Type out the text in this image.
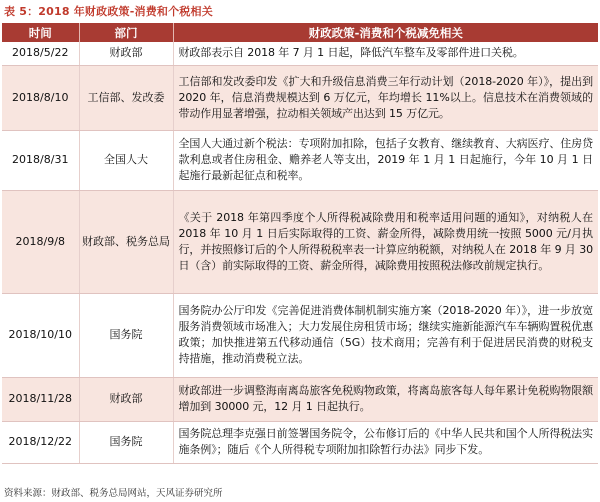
表 5：2018 年财政政策-消费和个税相关
时间	部门	财政政策-消费和个税减免相关
2018/5/22	财政部	财政部表示自 2018 年 7 月 1 日起，降低汽车整车及零部件进口关税。
2018/8/10	工信部、发改委	工信部和发改委印发《扩大和升级信息消费三年行动计划（2018-2020 年）》，提出到 2020 年，信息消费规模达到 6 万亿元，年均增长 11%以上。信息技术在消费领域的带动作用显著增强，拉动相关领域产出达到 15 万亿元。
2018/8/31	全国人大	全国人大通过新个税法：专项附加扣除，包括子女教育、继续教育、大病医疗、住房贷款利息或者住房租金、赡养老人等支出，2019 年 1 月 1 日起施行，今年 10 月 1 日起施行最新起征点和税率。
2018/9/8	财政部、税务总局	《关于 2018 年第四季度个人所得税减除费用和税率适用问题的通知》，对纳税人在 2018 年 10 月 1 日后实际取得的工资、薪金所得，减除费用统一按照 5000 元/月执行，并按照修订后的个人所得税税率表一计算应纳税额，对纳税人在 2018 年 9 月 30 日（含）前实际取得的工资、薪金所得，减除费用按照税法修改前规定执行。
2018/10/10	国务院	国务院办公厅印发《完善促进消费体制机制实施方案（2018-2020 年）》，进一步放宽服务消费领域市场准入；大力发展住房租赁市场；继续实施新能源汽车车辆购置税优惠政策；加快推进第五代移动通信（5G）技术商用；完善有利于促进居民消费的财税支持措施，推动消费税立法。
2018/11/28	财政部	财政部进一步调整海南离岛旅客免税购物政策，将离岛旅客每人每年累计免税购物限额增加到 30000 元，12 月 1 日起执行。
2018/12/22	国务院	国务院总理李克强日前签署国务院令，公布修订后的《中华人民共和国个人所得税法实施条例》；随后《个人所得税专项附加扣除暂行办法》同步下发。
资料来源：财政部、税务总局网站，天风证券研究所
